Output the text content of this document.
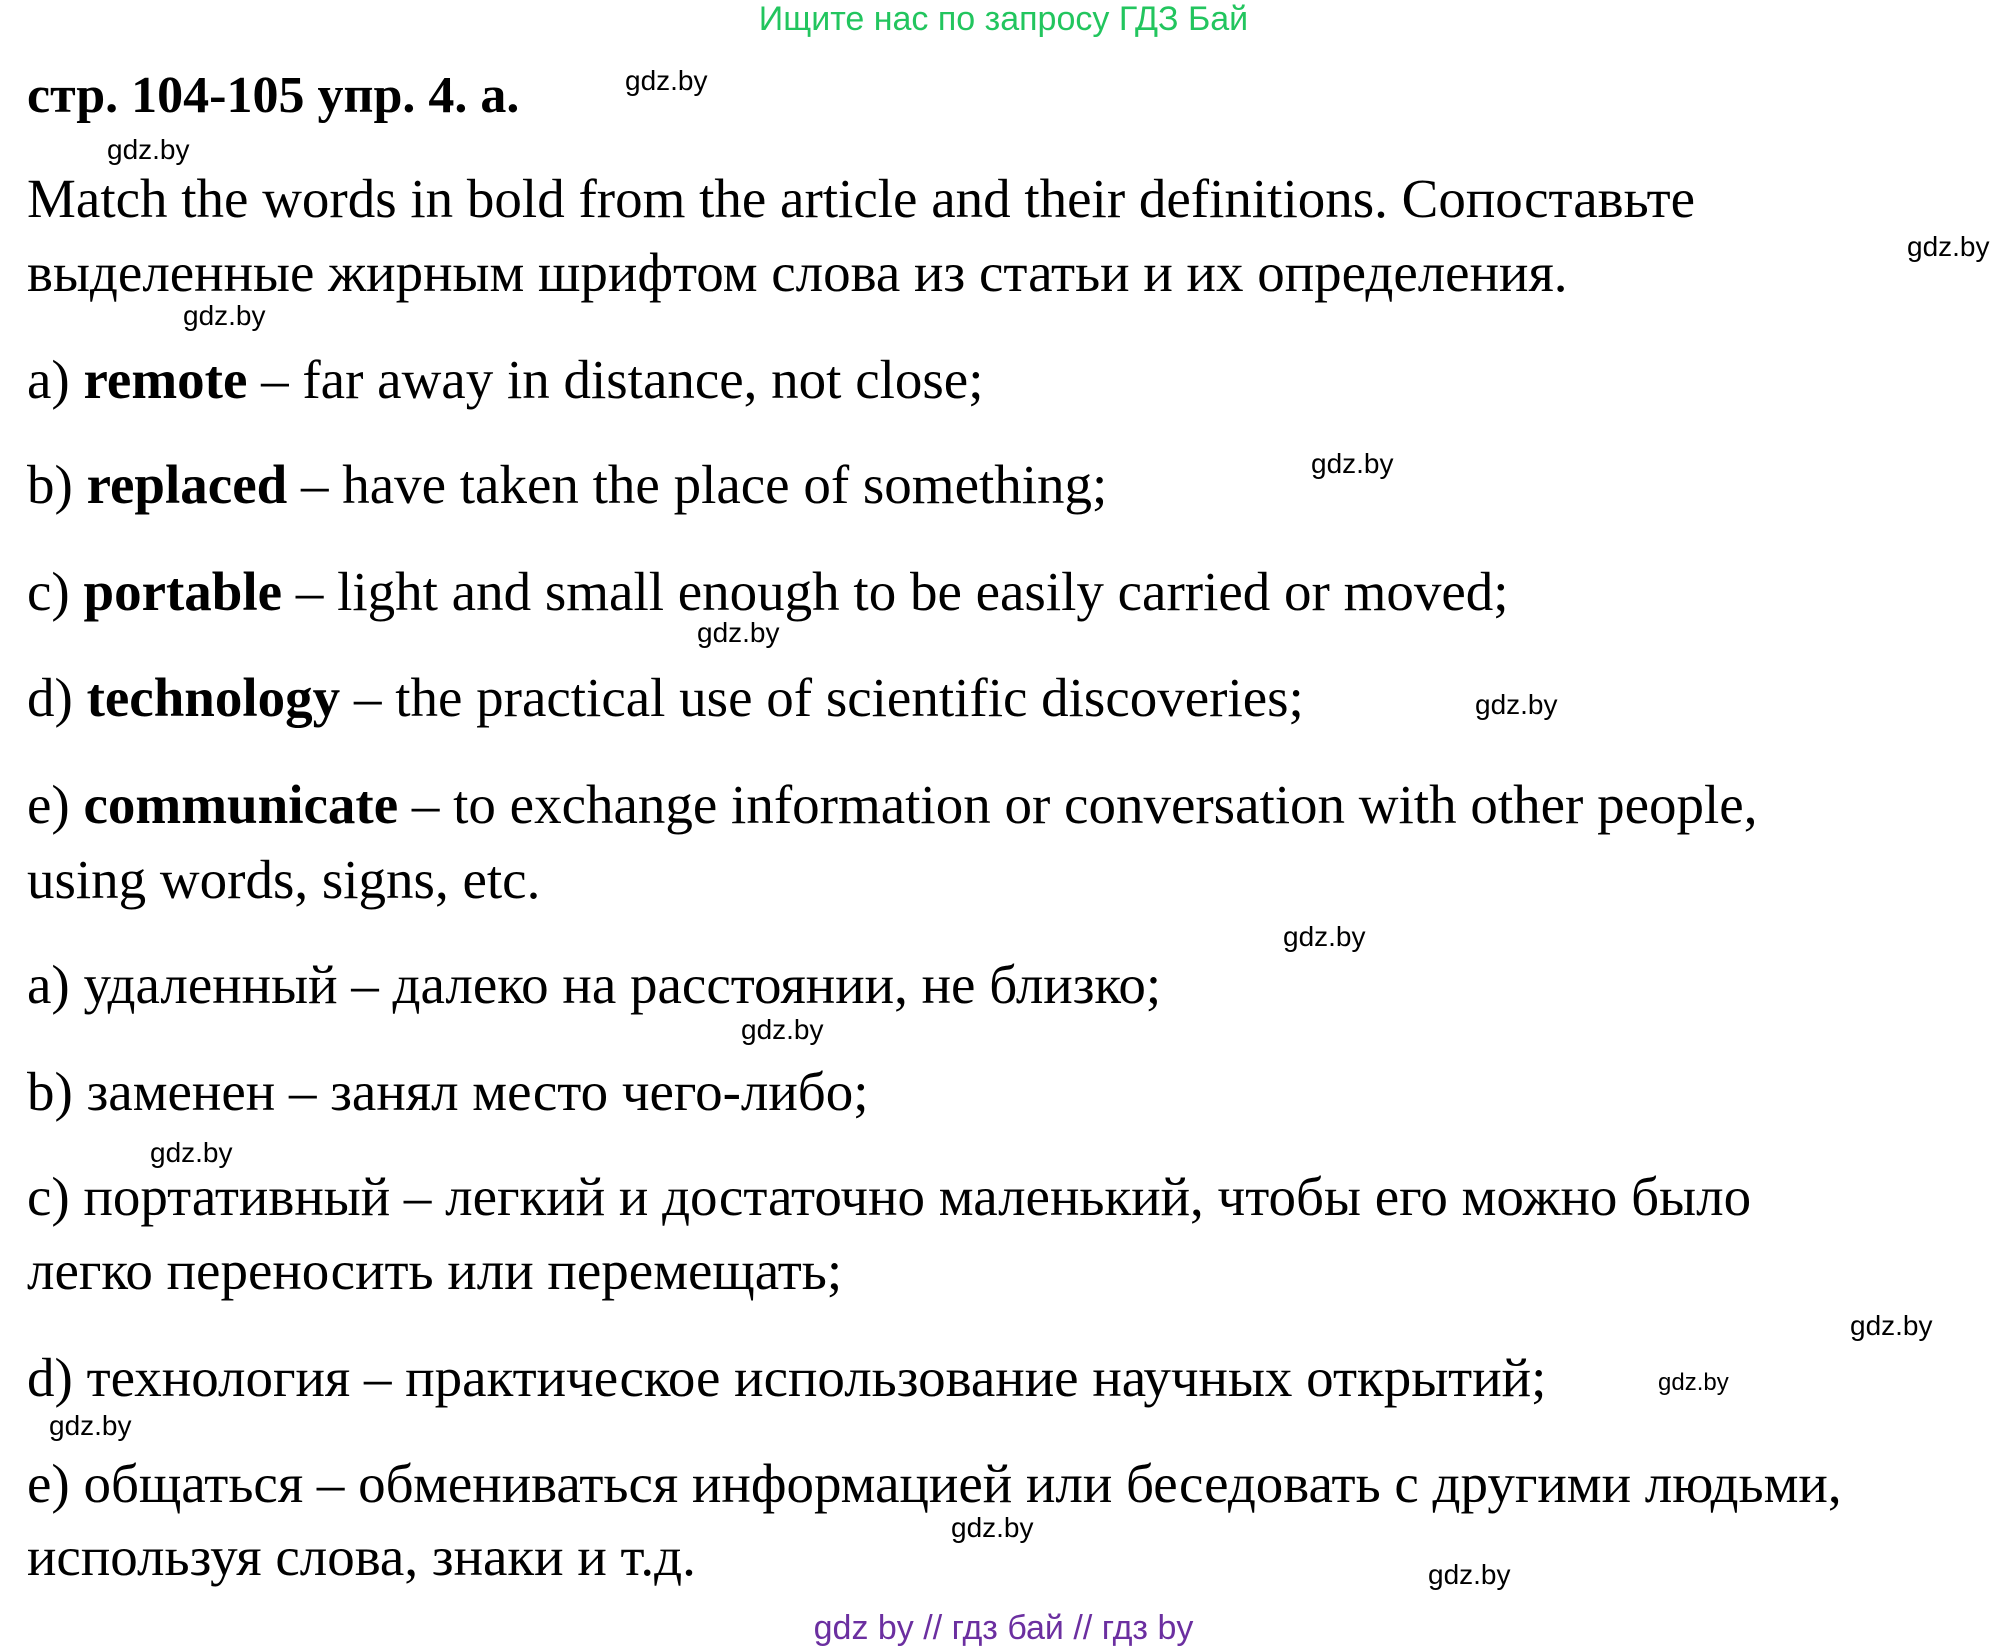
Ищите нас по запросу ГДЗ Бай
стр. 104-105 упр. 4. а.
Match the words in bold from the article and their definitions. Сопоставьте
выделенные жирным шрифтом слова из статьи и их определения.
a) remote – far away in distance, not close;
b) replaced – have taken the place of something;
c) portable – light and small enough to be easily carried or moved;
d) technology – the practical use of scientific discoveries;
e) communicate – to exchange information or conversation with other people,
using words, signs, etc.
a) удаленный – далеко на расстоянии, не близко;
b) заменен – занял место чего-либо;
c) портативный – легкий и достаточно маленький, чтобы его можно было
легко переносить или перемещать;
d) технология – практическое использование научных открытий;
e) общаться – обмениваться информацией или беседовать с другими людьми,
используя слова, знаки и т.д.
gdz.by
gdz.by
gdz.by
gdz.by
gdz.by
gdz.by
gdz.by
gdz.by
gdz.by
gdz.by
gdz.by
gdz.by
gdz.by
gdz.by
gdz.by
gdz by // гдз бай // гдз by
